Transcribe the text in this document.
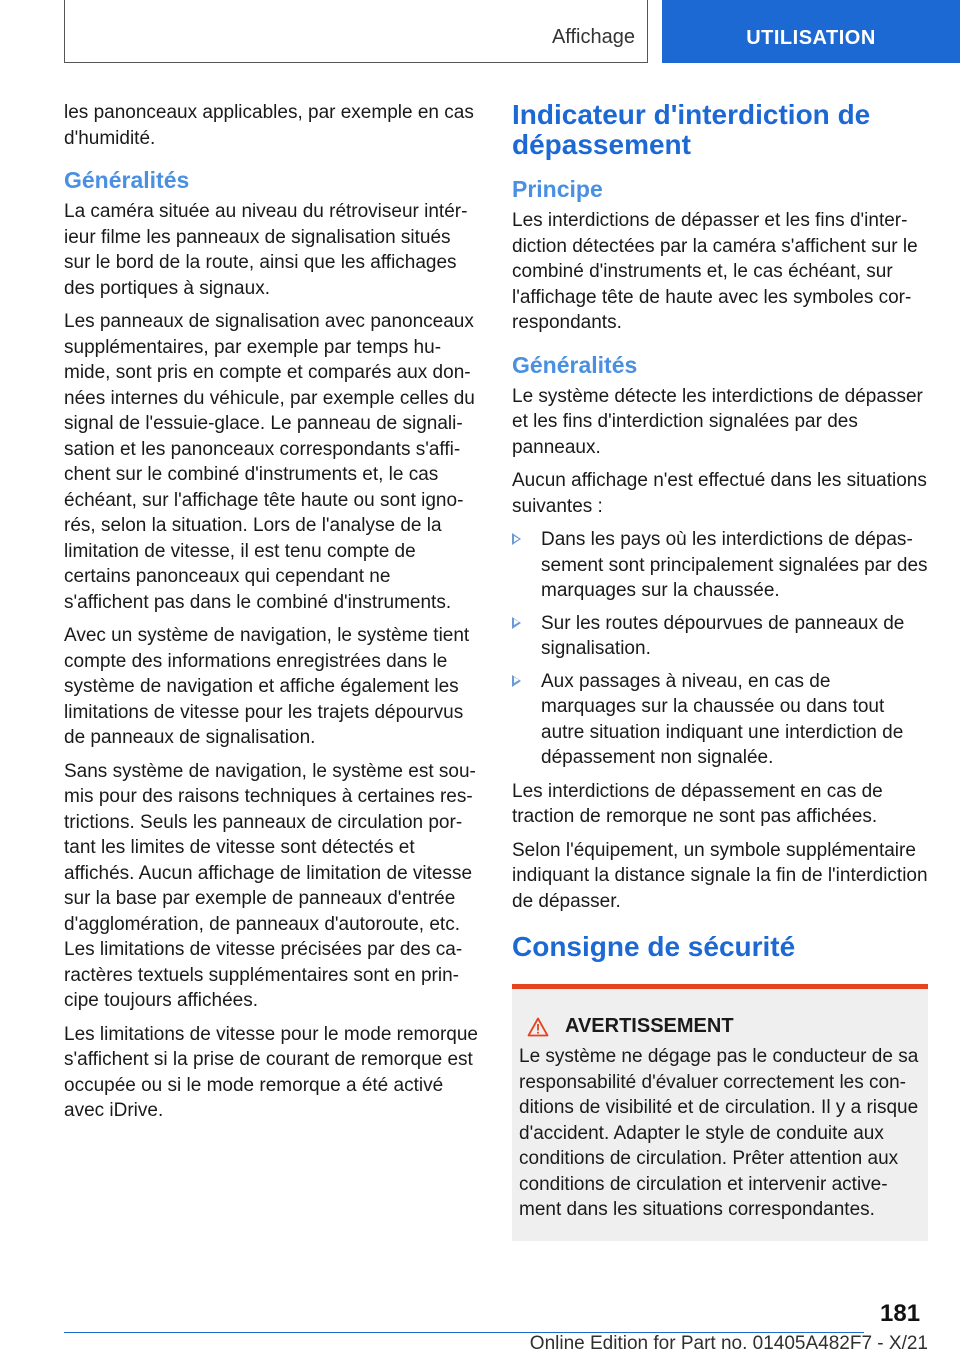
Affichage	UTILISATION

les panonceaux applicables, par exemple en cas d'humidité.

Généralités

La caméra située au niveau du rétroviseur intérieur filme les panneaux de signalisation situés sur le bord de la route, ainsi que les affichages des portiques à signaux.

Les panneaux de signalisation avec panonceaux supplémentaires, par exemple par temps humide, sont pris en compte et comparés aux données internes du véhicule, par exemple celles du signal de l'essuie-glace. Le panneau de signalisation et les panonceaux correspondants s'affichent sur le combiné d'instruments et, le cas échéant, sur l'affichage tête haute ou sont ignorés, selon la situation. Lors de l'analyse de la limitation de vitesse, il est tenu compte de certains panonceaux qui cependant ne s'affichent pas dans le combiné d'instruments.

Avec un système de navigation, le système tient compte des informations enregistrées dans le système de navigation et affiche également les limitations de vitesse pour les trajets dépourvus de panneaux de signalisation.

Sans système de navigation, le système est soumis pour des raisons techniques à certaines restrictions. Seuls les panneaux de circulation portant les limites de vitesse sont détectés et affichés. Aucun affichage de limitation de vitesse sur la base par exemple de panneaux d'entrée d'agglomération, de panneaux d'autoroute, etc. Les limitations de vitesse précisées par des caractères textuels supplémentaires sont en principe toujours affichées.

Les limitations de vitesse pour le mode remorque s'affichent si la prise de courant de remorque est occupée ou si le mode remorque a été activé avec iDrive.

Indicateur d'interdiction de dépassement
Principe

Les interdictions de dépasser et les fins d'interdiction détectées par la caméra s'affichent sur le combiné d'instruments et, le cas échéant, sur l'affichage tête de haute avec les symboles correspondants.

Généralités

Le système détecte les interdictions de dépasser et les fins d'interdiction signalées par des panneaux.

Aucun affichage n'est effectué dans les situations suivantes :

Dans les pays où les interdictions de dépassement sont principalement signalées par des marquages sur la chaussée.
Sur les routes dépourvues de panneaux de signalisation.
Aux passages à niveau, en cas de marquages sur la chaussée ou dans tout autre situation indiquant une interdiction de dépassement non signalée.

Les interdictions de dépassement en cas de traction de remorque ne sont pas affichées.

Selon l'équipement, un symbole supplémentaire indiquant la distance signale la fin de l'interdiction de dépasser.

Consigne de sécurité
AVERTISSEMENT

Le système ne dégage pas le conducteur de sa responsabilité d'évaluer correctement les conditions de visibilité et de circulation. Il y a risque d'accident. Adapter le style de conduite aux conditions de circulation. Prêter attention aux conditions de circulation et intervenir activement dans les situations correspondantes.

181
Online Edition for Part no. 01405A482F7 - X/21
